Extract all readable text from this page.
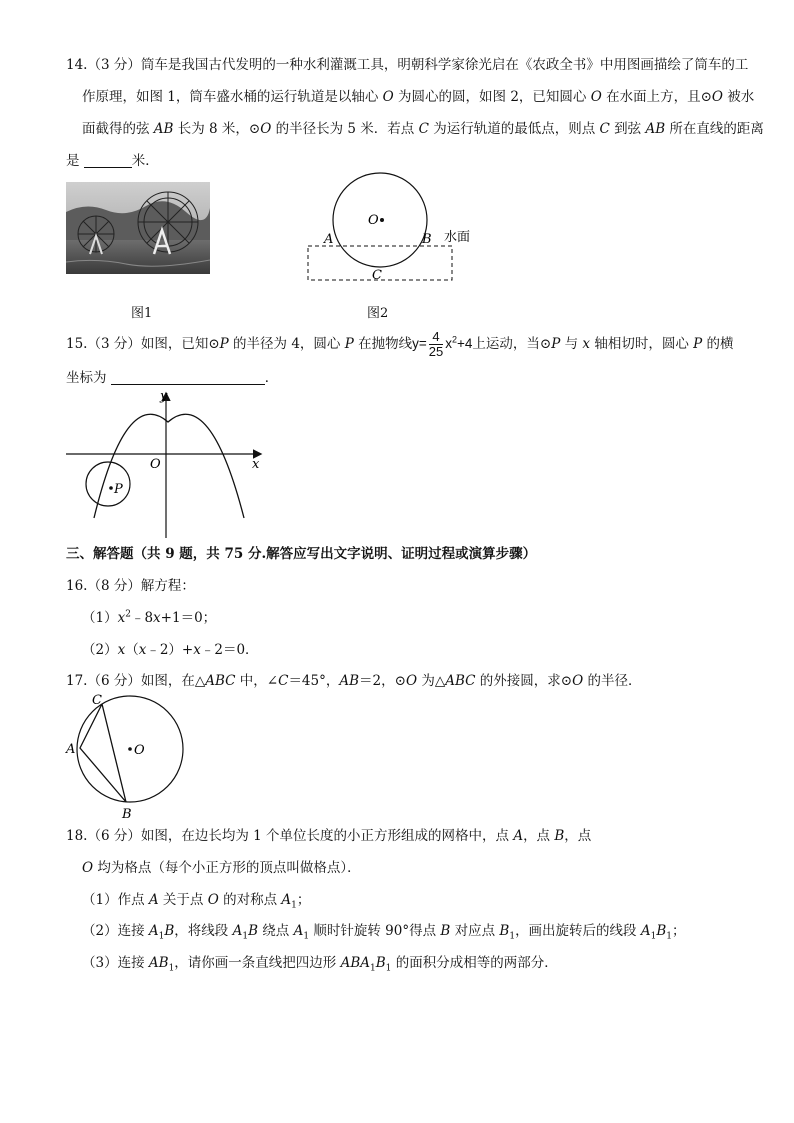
14.（3 分）筒车是我国古代发明的一种水利灌溉工具，明朝科学家徐光启在《农政全书》中用图画描绘了筒车的工
作原理，如图 1，筒车盛水桶的运行轨道是以轴心 O 为圆心的圆，如图 2，已知圆心 O 在水面上方，且⊙O 被水
面截得的弦 AB 长为 8 米，⊙O 的半径长为 5 米．若点 C 为运行轨道的最低点，则点 C 到弦 AB 所在直线的距离
是	米．
图1
O
A	B
C
水面
图2
15.（3 分）如图，已知⊙P 的半径为 4，圆心 P 在抛物线$y= \frac{4}{25} x^2+4$上运动，当⊙P 与 x 轴相切时，圆心 P 的横
坐标为	．
y
x
O
P
三、解答题（共 9 题，共 75 分.解答应写出文字说明、证明过程或演算步骤）
16.（8 分）解方程：
$(1)x^2﹣8x+1=0$；
（2）x（x﹣2）+x﹣2＝0．
17.（6 分）如图，在△ABC 中，∠C＝45°，AB＝2，⊙O 为△ABC 的外接圆，求⊙O 的半径．
C
A
B
O
18.（6 分）如图，在边长均为 1 个单位长度的小正方形组成的网格中，点 A，点 B，点
O 均为格点（每个小正方形的顶点叫做格点）．
（1）作点 A 关于点 O 的对称点 $A_1$；
（2）连接 $A_1B$，将线段 $A_1B$ 绕点 $A_1$ 顺时针旋转 90°得点 B 对应点 $B_1$，画出旋转后的线段 $A_1B_1$；
（3）连接 $AB_1$，请你画一条直线把四边形 $ABA_1B_1$ 的面积分成相等的两部分．
